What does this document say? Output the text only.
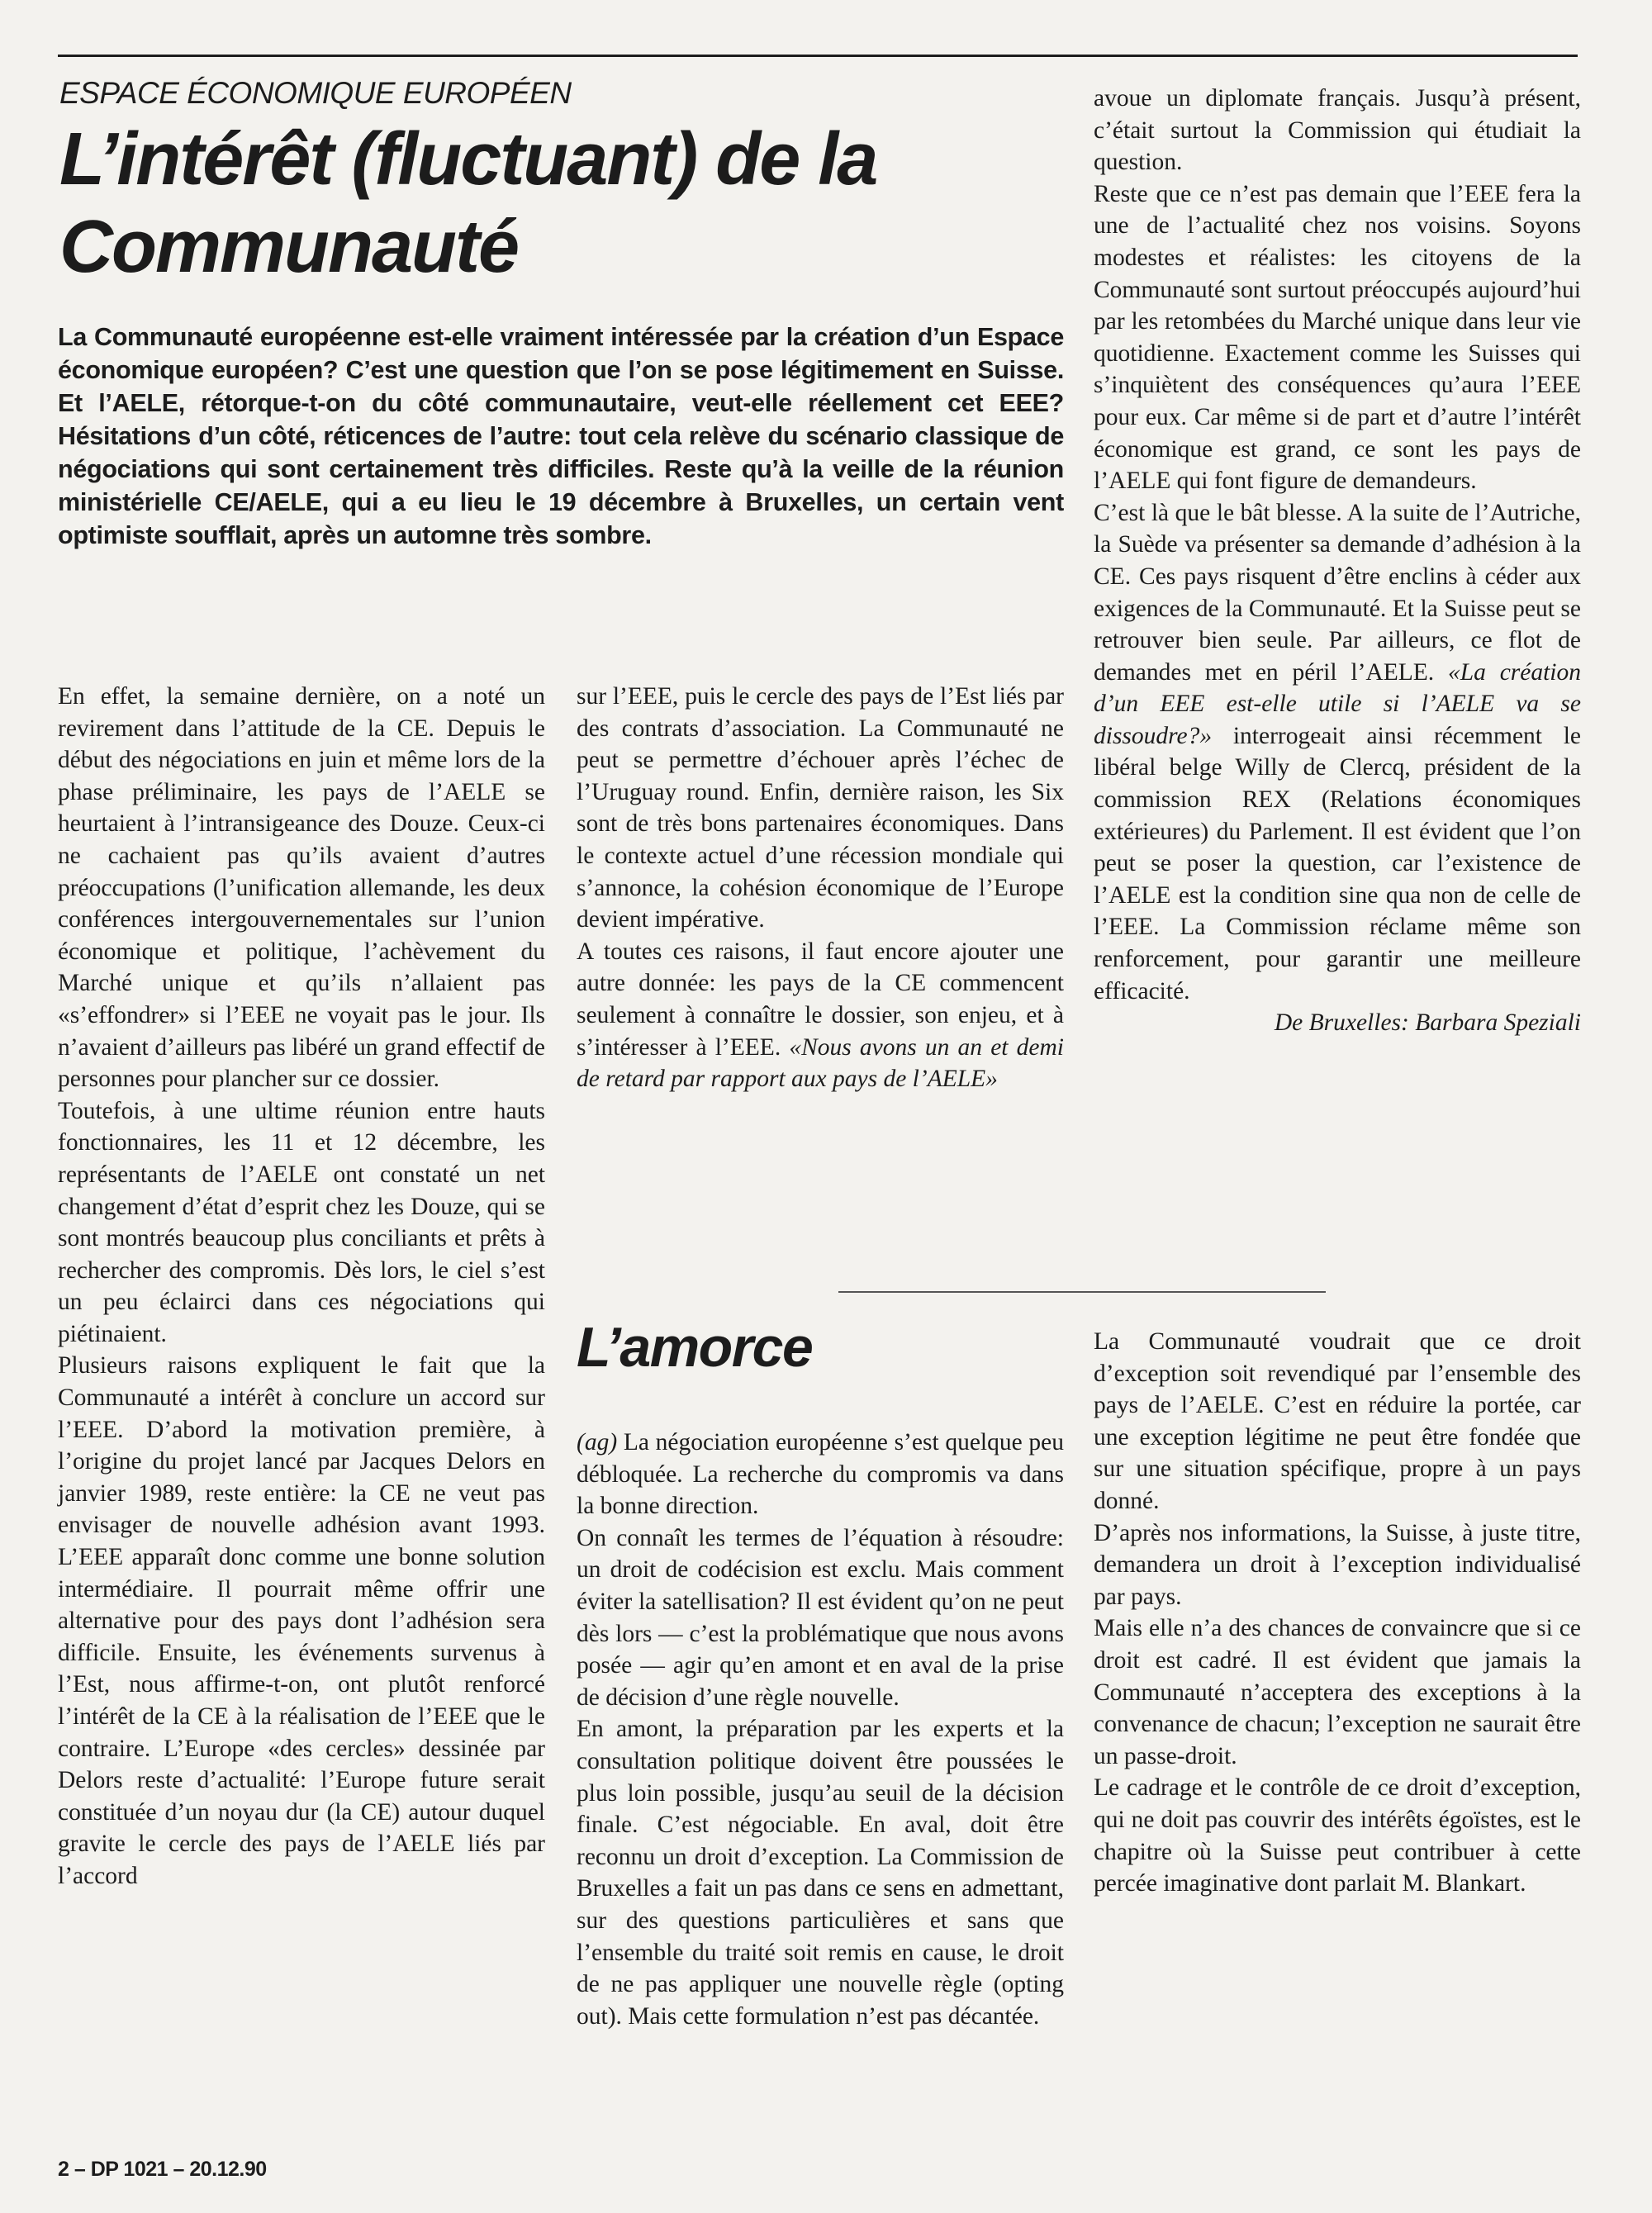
ESPACE ÉCONOMIQUE EUROPÉEN
L’intérêt (fluctuant) de la Communauté
La Communauté européenne est-elle vraiment intéressée par la création d’un Espace économique européen? C’est une question que l’on se pose légitimement en Suisse. Et l’AELE, rétorque-t-on du côté communautaire, veut-elle réellement cet EEE? Hésitations d’un côté, réticences de l’autre: tout cela relève du scénario classique de négociations qui sont certainement très difficiles. Reste qu’à la veille de la réunion ministérielle CE/AELE, qui a eu lieu le 19 décembre à Bruxelles, un certain vent optimiste soufflait, après un automne très sombre.

En effet, la semaine dernière, on a noté un revirement dans l’attitude de la CE. Depuis le début des négociations en juin et même lors de la phase préliminaire, les pays de l’AELE se heurtaient à l’intransigeance des Douze. Ceux-ci ne cachaient pas qu’ils avaient d’autres préoccupations (l’unification allemande, les deux conférences intergouvernementales sur l’union économique et politique, l’achèvement du Marché unique et qu’ils n’allaient pas «s’effondrer» si l’EEE ne voyait pas le jour. Ils n’avaient d’ailleurs pas libéré un grand effectif de personnes pour plancher sur ce dossier.

Toutefois, à une ultime réunion entre hauts fonctionnaires, les 11 et 12 décembre, les représentants de l’AELE ont constaté un net changement d’état d’esprit chez les Douze, qui se sont montrés beaucoup plus conciliants et prêts à rechercher des compromis. Dès lors, le ciel s’est un peu éclairci dans ces négociations qui piétinaient.

Plusieurs raisons expliquent le fait que la Communauté a intérêt à conclure un accord sur l’EEE. D’abord la motivation première, à l’origine du projet lancé par Jacques Delors en janvier 1989, reste entière: la CE ne veut pas envisager de nouvelle adhésion avant 1993. L’EEE apparaît donc comme une bonne solution intermédiaire. Il pourrait même offrir une alternative pour des pays dont l’adhésion sera difficile. Ensuite, les événements survenus à l’Est, nous affirme-t-on, ont plutôt renforcé l’intérêt de la CE à la réalisation de l’EEE que le contraire. L’Europe «des cercles» dessinée par Delors reste d’actualité: l’Europe future serait constituée d’un noyau dur (la CE) autour duquel gravite le cercle des pays de l’AELE liés par l’accord

sur l’EEE, puis le cercle des pays de l’Est liés par des contrats d’association. La Communauté ne peut se permettre d’échouer après l’échec de l’Uruguay round. Enfin, dernière raison, les Six sont de très bons partenaires économiques. Dans le contexte actuel d’une récession mondiale qui s’annonce, la cohésion économique de l’Europe devient impérative.

A toutes ces raisons, il faut encore ajouter une autre donnée: les pays de la CE commencent seulement à connaître le dossier, son enjeu, et à s’intéresser à l’EEE. «Nous avons un an et demi de retard par rapport aux pays de l’AELE»

avoue un diplomate français. Jusqu’à présent, c’était surtout la Commission qui étudiait la question.

Reste que ce n’est pas demain que l’EEE fera la une de l’actualité chez nos voisins. Soyons modestes et réalistes: les citoyens de la Communauté sont surtout préoccupés aujourd’hui par les retombées du Marché unique dans leur vie quotidienne. Exactement comme les Suisses qui s’inquiètent des conséquences qu’aura l’EEE pour eux. Car même si de part et d’autre l’intérêt économique est grand, ce sont les pays de l’AELE qui font figure de demandeurs.

C’est là que le bât blesse. A la suite de l’Autriche, la Suède va présenter sa demande d’adhésion à la CE. Ces pays risquent d’être enclins à céder aux exigences de la Communauté. Et la Suisse peut se retrouver bien seule. Par ailleurs, ce flot de demandes met en péril l’AELE. «La création d’un EEE est-elle utile si l’AELE va se dissoudre?» interrogeait ainsi récemment le libéral belge Willy de Clercq, président de la commission REX (Relations économiques extérieures) du Parlement. Il est évident que l’on peut se poser la question, car l’existence de l’AELE est la condition sine qua non de celle de l’EEE. La Commission réclame même son renforcement, pour garantir une meilleure efficacité.

De Bruxelles: Barbara Speziali

L’amorce

(ag) La négociation européenne s’est quelque peu débloquée. La recherche du compromis va dans la bonne direction.

On connaît les termes de l’équation à résoudre: un droit de codécision est exclu. Mais comment éviter la satellisation? Il est évident qu’on ne peut dès lors — c’est la problématique que nous avons posée — agir qu’en amont et en aval de la prise de décision d’une règle nouvelle.

En amont, la préparation par les experts et la consultation politique doivent être poussées le plus loin possible, jusqu’au seuil de la décision finale. C’est négociable. En aval, doit être reconnu un droit d’exception. La Commission de Bruxelles a fait un pas dans ce sens en admettant, sur des questions particulières et sans que l’ensemble du traité soit remis en cause, le droit de ne pas appliquer une nouvelle règle (opting out). Mais cette formulation n’est pas décantée.

La Communauté voudrait que ce droit d’exception soit revendiqué par l’ensemble des pays de l’AELE. C’est en réduire la portée, car une exception légitime ne peut être fondée que sur une situation spécifique, propre à un pays donné.

D’après nos informations, la Suisse, à juste titre, demandera un droit à l’exception individualisé par pays.

Mais elle n’a des chances de convaincre que si ce droit est cadré. Il est évident que jamais la Communauté n’acceptera des exceptions à la convenance de chacun; l’exception ne saurait être un passe-droit.

Le cadrage et le contrôle de ce droit d’exception, qui ne doit pas couvrir des intérêts égoïstes, est le chapitre où la Suisse peut contribuer à cette percée imaginative dont parlait M. Blankart.

2 – DP 1021 – 20.12.90
